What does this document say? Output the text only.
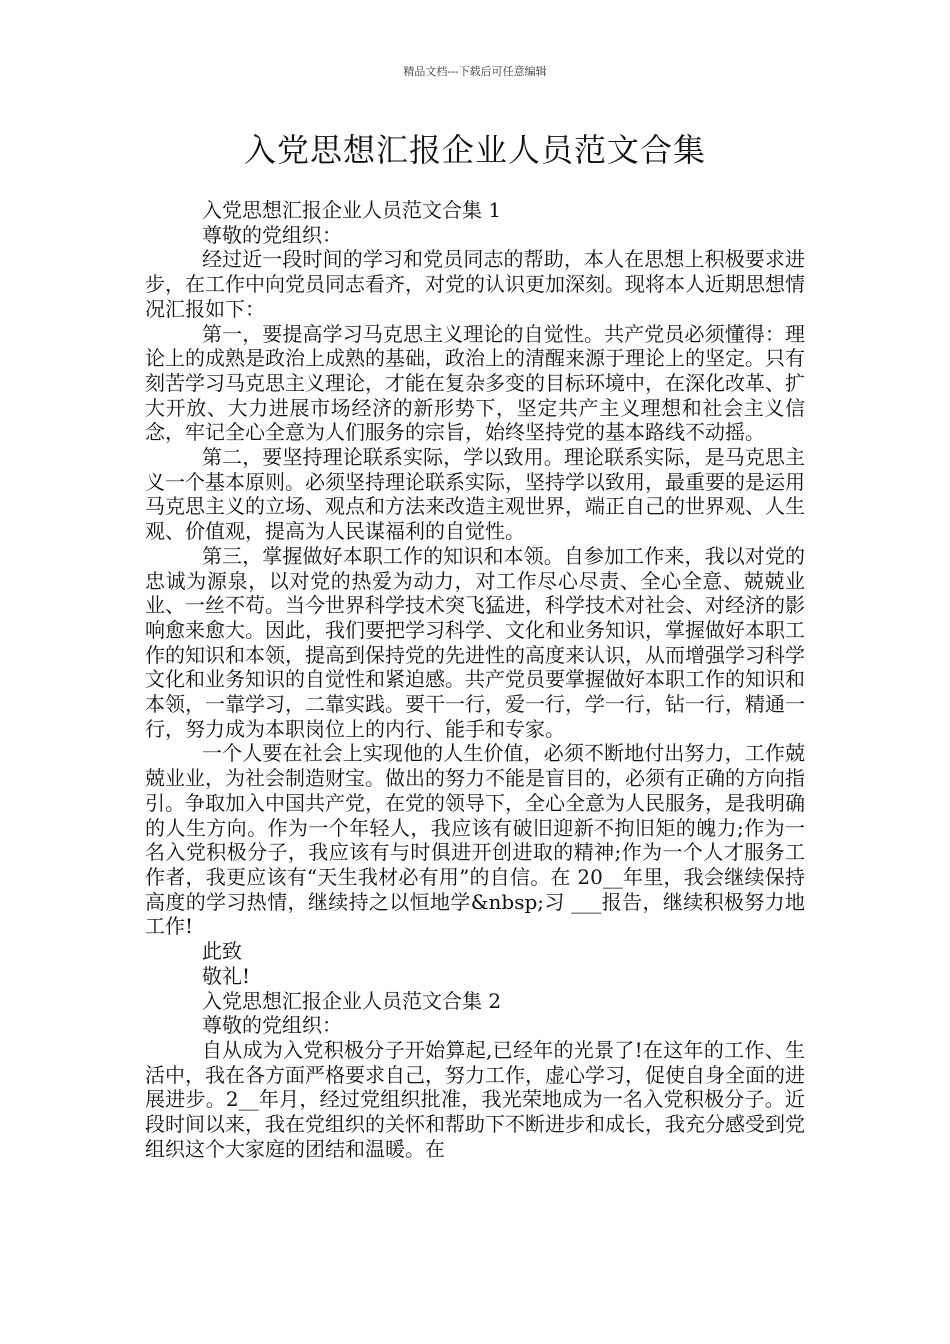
精品文档---下载后可任意编辑
入党思想汇报企业人员范文合集

入党思想汇报企业人员范文合集 1

尊敬的党组织：

经过近一段时间的学习和党员同志的帮助，本人在思想上积极要求进步，在工作中向党员同志看齐，对党的认识更加深刻。现将本人近期思想情况汇报如下：

第一，要提高学习马克思主义理论的自觉性。共产党员必须懂得：理论上的成熟是政治上成熟的基础，政治上的清醒来源于理论上的坚定。只有刻苦学习马克思主义理论，才能在复杂多变的目标环境中，在深化改革、扩大开放、大力进展市场经济的新形势下，坚定共产主义理想和社会主义信念，牢记全心全意为人们服务的宗旨，始终坚持党的基本路线不动摇。

第二，要坚持理论联系实际，学以致用。理论联系实际，是马克思主义一个基本原则。必须坚持理论联系实际，坚持学以致用，最重要的是运用马克思主义的立场、观点和方法来改造主观世界，端正自己的世界观、人生观、价值观，提高为人民谋福利的自觉性。

第三，掌握做好本职工作的知识和本领。自参加工作来，我以对党的忠诚为源泉，以对党的热爱为动力，对工作尽心尽责、全心全意、兢兢业业、一丝不苟。当今世界科学技术突飞猛进，科学技术对社会、对经济的影响愈来愈大。因此，我们要把学习科学、文化和业务知识，掌握做好本职工作的知识和本领，提高到保持党的先进性的高度来认识，从而增强学习科学文化和业务知识的自觉性和紧迫感。共产党员要掌握做好本职工作的知识和本领，一靠学习，二靠实践。要干一行，爱一行，学一行，钻一行，精通一行，努力成为本职岗位上的内行、能手和专家。

一个人要在社会上实现他的人生价值，必须不断地付出努力，工作兢兢业业，为社会制造财宝。做出的努力不能是盲目的，必须有正确的方向指引。争取加入中国共产党，在党的领导下，全心全意为人民服务，是我明确的人生方向。作为一个年轻人，我应该有破旧迎新不拘旧矩的魄力;作为一名入党积极分子，我应该有与时俱进开创进取的精神;作为一个人才服务工作者，我更应该有“天生我材必有用”的自信。在 20__年里，我会继续保持高度的学习热情，继续持之以恒地学&nbsp;习 ___报告，继续积极努力地工作!

此致

敬礼!

入党思想汇报企业人员范文合集 2

尊敬的党组织：

自从成为入党积极分子开始算起,已经年的光景了!在这年的工作、生活中，我在各方面严格要求自己，努力工作，虚心学习，促使自身全面的进展进步。2__年月，经过党组织批准，我光荣地成为一名入党积极分子。近段时间以来，我在党组织的关怀和帮助下不断进步和成长，我充分感受到党组织这个大家庭的团结和温暖。在
